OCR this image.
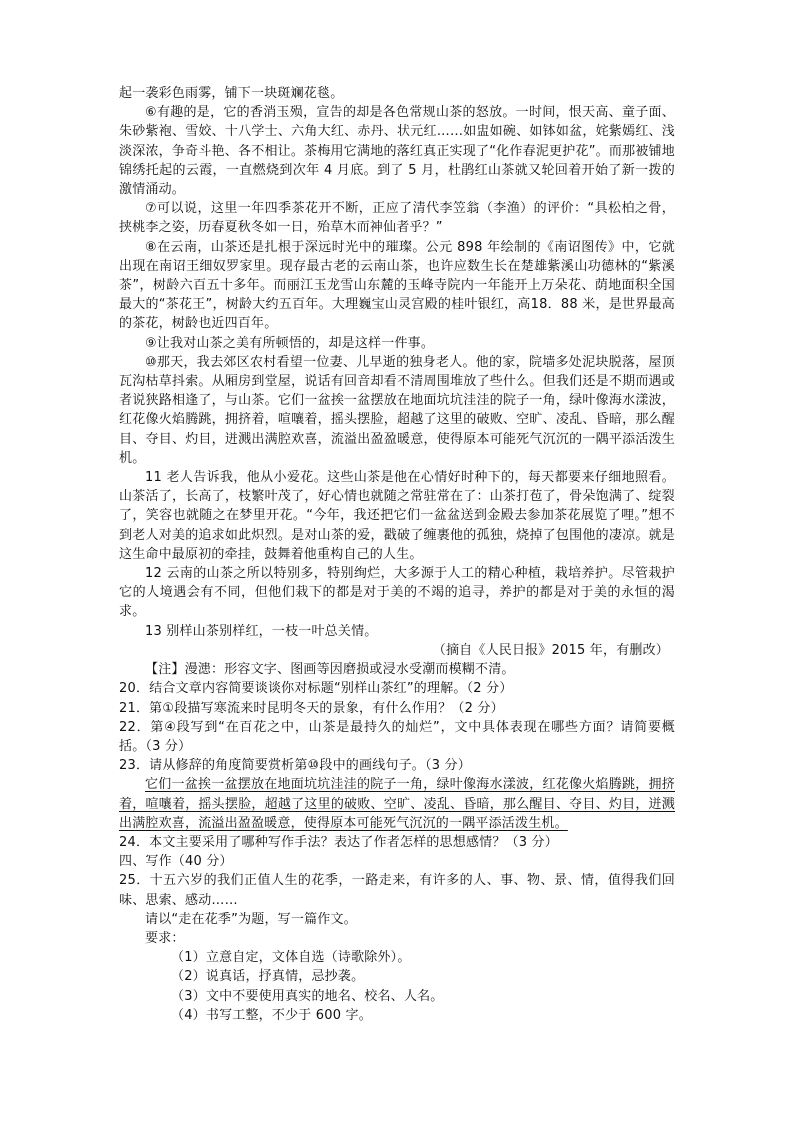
起一袭彩色雨雾，铺下一块斑斓花毯。

⑥有趣的是，它的香消玉殒，宣告的却是各色常规山茶的怒放。一时间，恨天高、童子面、朱砂紫袍、雪姣、十八学士、六角大红、赤丹、状元红……如盅如碗、如钵如盆，姹紫嫣红、浅淡深浓，争奇斗艳、各不相让。茶梅用它满地的落红真正实现了“化作春泥更护花”。而那被铺地锦绣托起的云霞，一直燃烧到次年 4 月底。到了 5 月，杜鹃红山茶就又轮回着开始了新一拨的激情涌动。

⑦可以说，这里一年四季茶花开不断，正应了清代李笠翁（李渔）的评价：“具松柏之骨，挟桃李之姿，历春夏秋冬如一日，殆草木而神仙者乎？”

⑧在云南，山茶还是扎根于深远时光中的璀璨。公元 898 年绘制的《南诏图传》中，它就出现在南诏王细奴罗家里。现存最古老的云南山茶，也许应数生长在楚雄紫溪山功德林的“紫溪茶”，树龄六百五十多年。而丽江玉龙雪山东麓的玉峰寺院内一年能开上万朵花、荫地面积全国最大的“茶花王”，树龄大约五百年。大理巍宝山灵宫殿的桂叶银红，高18．88 米，是世界最高的茶花，树龄也近四百年。

⑨让我对山茶之美有所顿悟的，却是这样一件事。

⑩那天，我去郊区农村看望一位妻、儿早逝的独身老人。他的家，院墙多处泥块脱落，屋顶瓦沟枯草抖索。从厢房到堂屋，说话有回音却看不清周围堆放了些什么。但我们还是不期而遇或者说狭路相逢了，与山茶。它们一盆挨一盆摆放在地面坑坑洼洼的院子一角，绿叶像海水漾波，红花像火焰腾跳，拥挤着，喧嚷着，摇头摆脸，超越了这里的破败、空旷、凌乱、昏暗，那么醒目、夺目、灼目，迸溅出满腔欢喜，流溢出盈盈暖意，使得原本可能死气沉沉的一隅平添活泼生机。

11 老人告诉我，他从小爱花。这些山茶是他在心情好时种下的，每天都要来仔细地照看。山茶活了，长高了，枝繁叶茂了，好心情也就随之常驻常在了：山茶打苞了，骨朵饱满了、绽裂了，笑容也就随之在梦里开花。“今年，我还把它们一盆盆送到金殿去参加茶花展览了哩。”想不到老人对美的追求如此炽烈。是对山茶的爱，戳破了缠裹他的孤独，烧掉了包围他的凄凉。就是这生命中最原初的牵挂，鼓舞着他重构自己的人生。

12 云南的山茶之所以特别多，特别绚烂，大多源于人工的精心种植，栽培养护。尽管栽护它的人境遇会有不同，但他们栽下的都是对于美的不竭的追寻，养护的都是对于美的永恒的渴求。

13 别样山茶别样红，一枝一叶总关情。

（摘自《人民日报》2015 年，有删改）

【注】漫漶：形容文字、图画等因磨损或浸水受潮而模糊不清。

20．结合文章内容简要谈谈你对标题“别样山茶红”的理解。（2 分）

21．第①段描写寒流来时昆明冬天的景象，有什么作用？（2 分）

22．第④段写到“在百花之中，山茶是最持久的灿烂”，文中具体表现在哪些方面？请简要概括。（3 分）

23．请从修辞的角度简要赏析第⑩段中的画线句子。（3 分）

它们一盆挨一盆摆放在地面坑坑洼洼的院子一角，绿叶像海水漾波，红花像火焰腾跳，拥挤着，喧嚷着，摇头摆脸，超越了这里的破败、空旷、凌乱、昏暗，那么醒目、夺目、灼目，迸溅出满腔欢喜，流溢出盈盈暖意，使得原本可能死气沉沉的一隅平添活泼生机。

24．本文主要采用了哪种写作手法？表达了作者怎样的思想感情？（3 分）

四、写作（40 分）

25．十五六岁的我们正值人生的花季，一路走来，有许多的人、事、物、景、情，值得我们回味、思索、感动……

请以“走在花季”为题，写一篇作文。

要求：

（1）立意自定，文体自选（诗歌除外）。

（2）说真话，抒真情，忌抄袭。

（3）文中不要使用真实的地名、校名、人名。

（4）书写工整，不少于 600 字。
